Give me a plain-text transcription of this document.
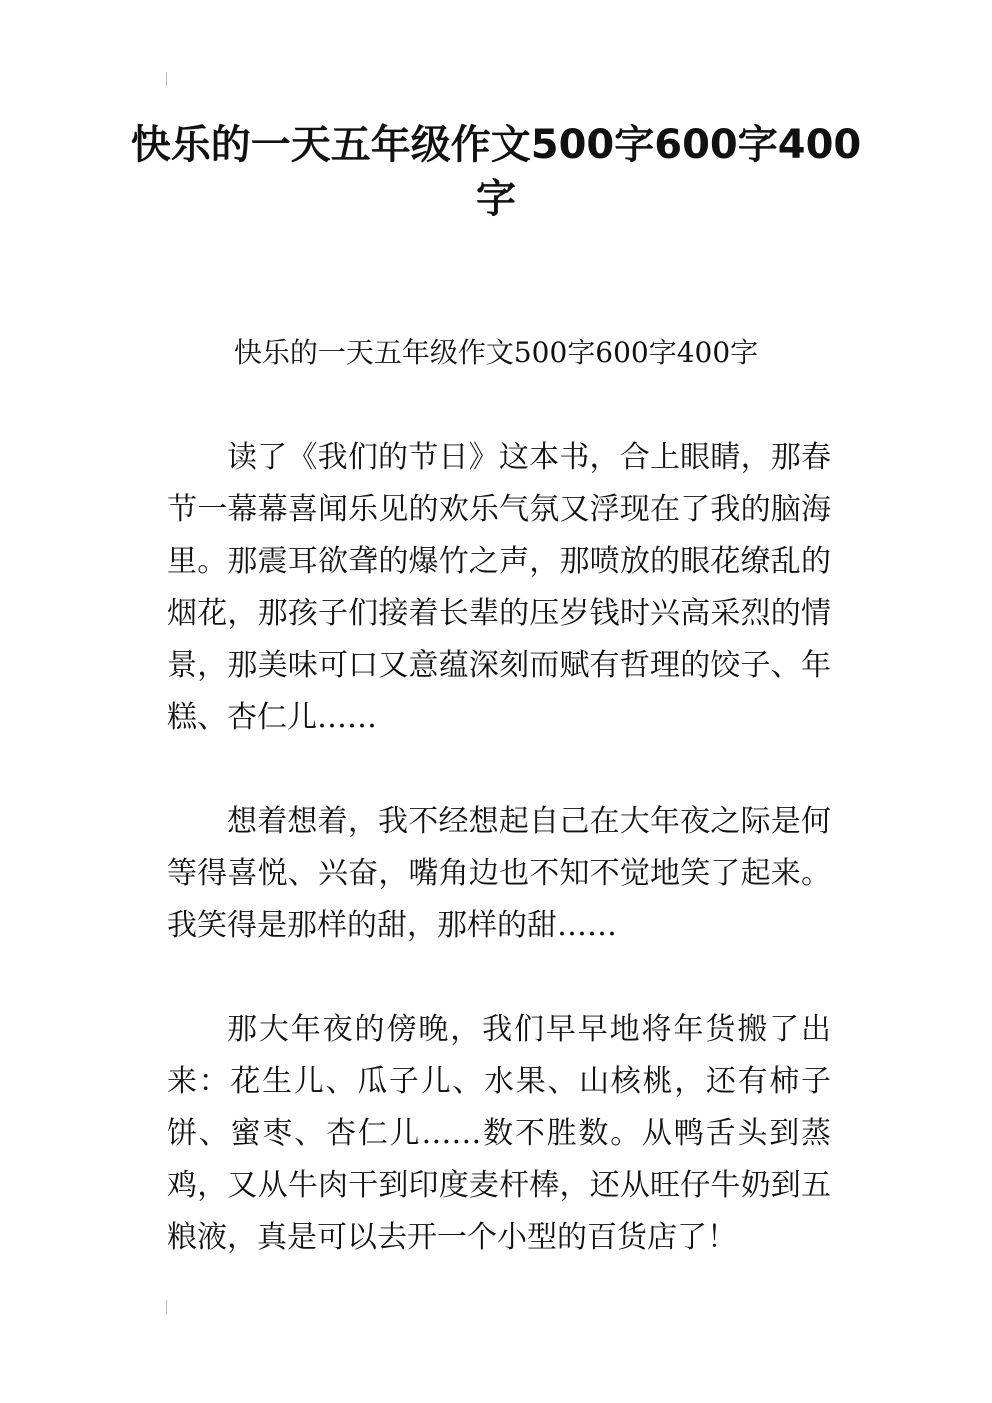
快乐的一天五年级作文500字600字400字

快乐的一天五年级作文500字600字400字

读了《我们的节日》这本书，合上眼睛，那春节一幕幕喜闻乐见的欢乐气氛又浮现在了我的脑海里。那震耳欲聋的爆竹之声，那喷放的眼花缭乱的烟花，那孩子们接着长辈的压岁钱时兴高采烈的情景，那美味可口又意蕴深刻而赋有哲理的饺子、年糕、杏仁儿……

想着想着，我不经想起自己在大年夜之际是何等得喜悦、兴奋，嘴角边也不知不觉地笑了起来。我笑得是那样的甜，那样的甜……

那大年夜的傍晚，我们早早地将年货搬了出来：花生儿、瓜子儿、水果、山核桃，还有柿子饼、蜜枣、杏仁儿……数不胜数。从鸭舌头到蒸鸡，又从牛肉干到印度麦杆棒，还从旺仔牛奶到五粮液，真是可以去开一个小型的百货店了！
